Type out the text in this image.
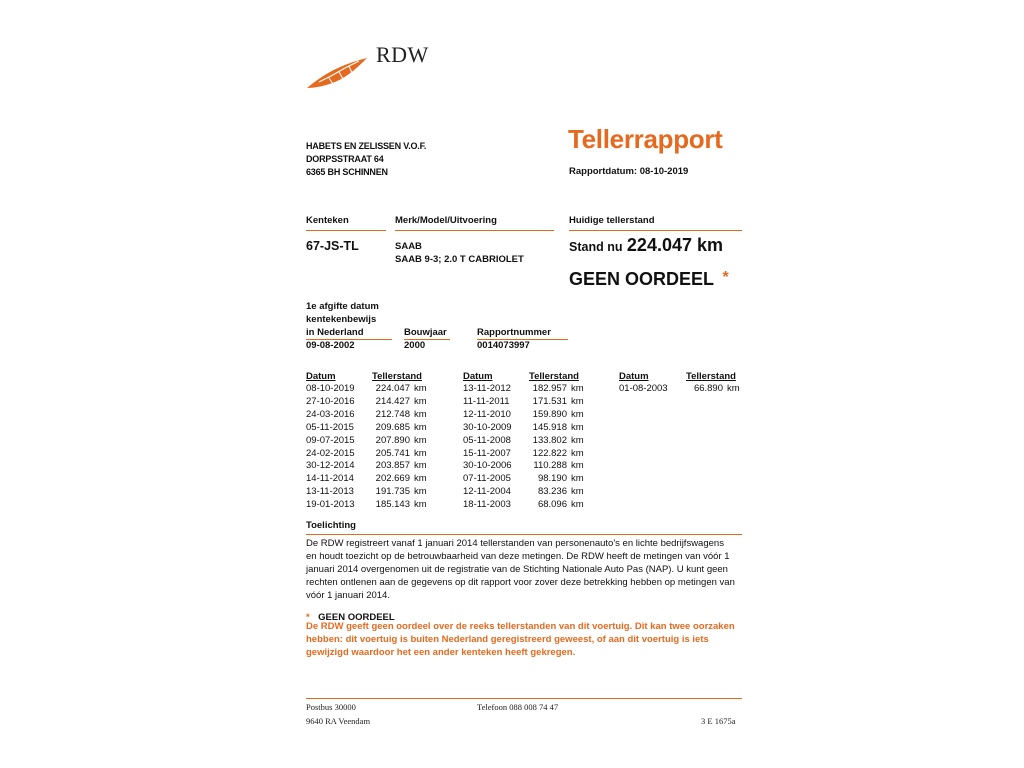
RDW
HABETS EN ZELISSEN V.O.F.
DORPSSTRAAT 64
6365 BH SCHINNEN
Tellerrapport
Rapportdatum: 08-10-2019
Kenteken	Merk/Model/Uitvoering	Huidige tellerstand
67-JS-TL	SAAB
SAAB 9-3; 2.0 T CABRIOLET
Stand nu 224.047 km
GEEN OORDEEL *
1e afgifte datum
kentekenbewijs
in Nederland	Bouwjaar	Rapportnummer
09-08-2002	2000	0014073997
Datum	Tellerstand	Datum	Tellerstand	Datum	Tellerstand
08-10-2019	224.047 km
27-10-2016	214.427 km
24-03-2016	212.748 km
05-11-2015	209.685 km
09-07-2015	207.890 km
24-02-2015	205.741 km
30-12-2014	203.857 km
14-11-2014	202.669 km
13-11-2013	191.735 km
19-01-2013	185.143 km
13-11-2012	182.957 km
11-11-2011	171.531 km
12-11-2010	159.890 km
30-10-2009	145.918 km
05-11-2008	133.802 km
15-11-2007	122.822 km
30-10-2006	110.288 km
07-11-2005	98.190 km
12-11-2004	83.236 km
18-11-2003	68.096 km
01-08-2003	66.890 km
Toelichting
De RDW registreert vanaf 1 januari 2014 tellerstanden van personenauto's en lichte bedrijfswagens en houdt toezicht op de betrouwbaarheid van deze metingen. De RDW heeft de metingen van vóór 1 januari 2014 overgenomen uit de registratie van de Stichting Nationale Auto Pas (NAP). U kunt geen rechten ontlenen aan de gegevens op dit rapport voor zover deze betrekking hebben op metingen van vóór 1 januari 2014.
* GEEN OORDEEL
De RDW geeft geen oordeel over de reeks tellerstanden van dit voertuig. Dit kan twee oorzaken hebben: dit voertuig is buiten Nederland geregistreerd geweest, of aan dit voertuig is iets gewijzigd waardoor het een ander kenteken heeft gekregen.
Postbus 30000
9640 RA Veendam
Telefoon 088 008 74 47
3 E 1675a
